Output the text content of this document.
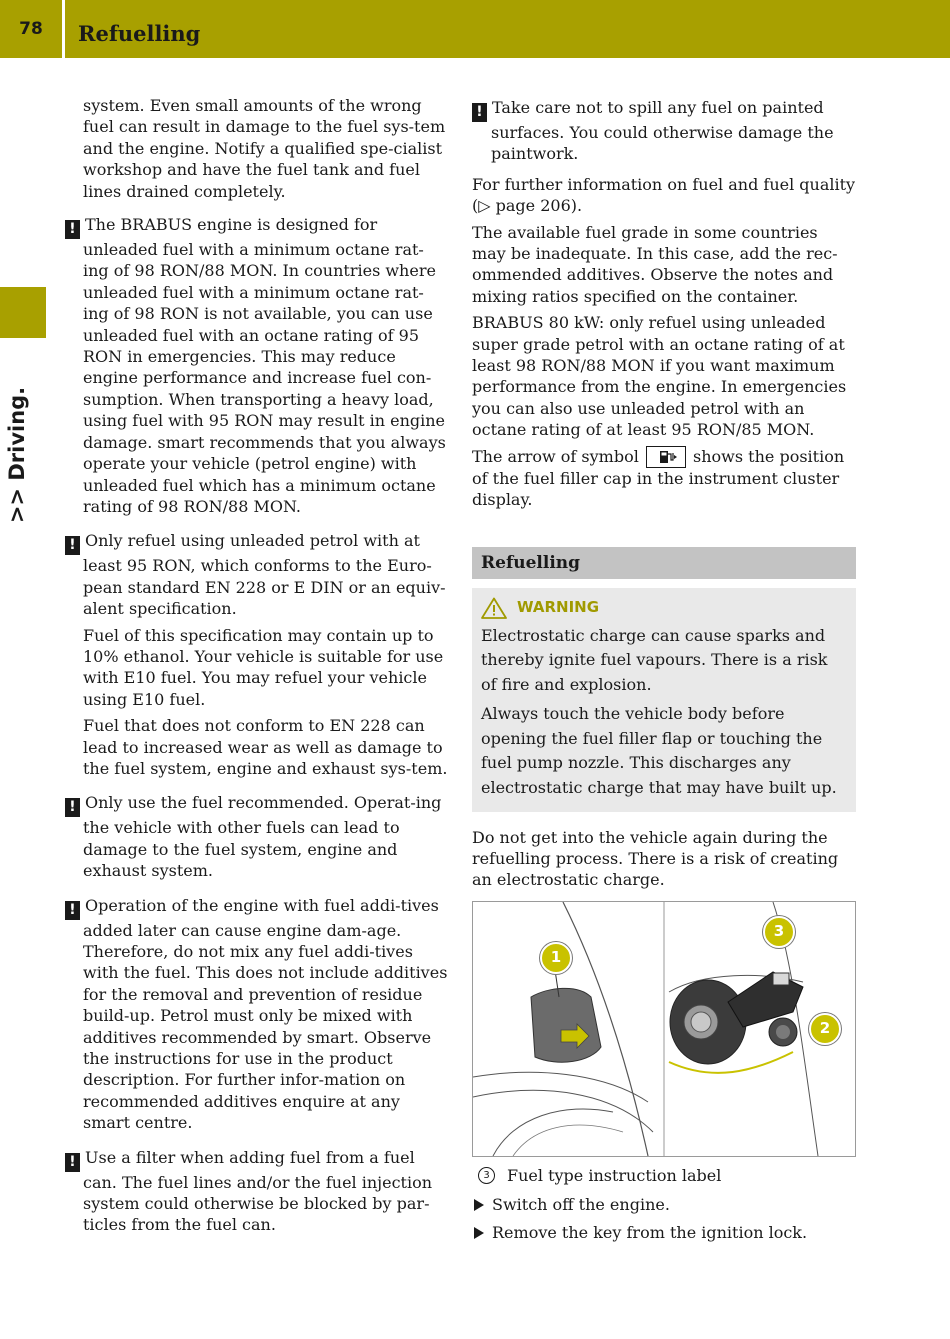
78	Refuelling
>> Driving.

system. Even small amounts of the wrong fuel can result in damage to the fuel sys-tem and the engine. Notify a qualified spe-cialist workshop and have the fuel tank and fuel lines drained completely.

! The BRABUS engine is designed for unleaded fuel with a minimum octane rat-ing of 98 RON/88 MON. In countries where unleaded fuel with a minimum octane rat-ing of 98 RON is not available, you can use unleaded fuel with an octane rating of 95 RON in emergencies. This may reduce engine performance and increase fuel con-sumption. When transporting a heavy load, using fuel with 95 RON may result in engine damage. smart recommends that you always operate your vehicle (petrol engine) with unleaded fuel which has a minimum octane rating of 98 RON/88 MON.

! Only refuel using unleaded petrol with at least 95 RON, which conforms to the Euro-pean standard EN 228 or E DIN or an equiv-alent specification.

Fuel of this specification may contain up to 10% ethanol. Your vehicle is suitable for use with E10 fuel. You may refuel your vehicle using E10 fuel.

Fuel that does not conform to EN 228 can lead to increased wear as well as damage to the fuel system, engine and exhaust sys-tem.

! Only use the fuel recommended. Operat-ing the vehicle with other fuels can lead to damage to the fuel system, engine and exhaust system.

! Operation of the engine with fuel addi-tives added later can cause engine dam-age. Therefore, do not mix any fuel addi-tives with the fuel. This does not include additives for the removal and prevention of residue build-up. Petrol must only be mixed with additives recommended by smart. Observe the instructions for use in the product description. For further infor-mation on recommended additives enquire at any smart centre.

! Use a filter when adding fuel from a fuel can. The fuel lines and/or the fuel injection system could otherwise be blocked by par-ticles from the fuel can.

! Take care not to spill any fuel on painted surfaces. You could otherwise damage the paintwork.

For further information on fuel and fuel quality (▷ page 206).

The available fuel grade in some countries may be inadequate. In this case, add the rec-ommended additives. Observe the notes and mixing ratios specified on the container.

BRABUS 80 kW: only refuel using unleaded super grade petrol with an octane rating of at least 98 RON/88 MON if you want maximum performance from the engine. In emergencies you can also use unleaded petrol with an octane rating of at least 95 RON/85 MON.

The arrow of symbol	shows the position of the fuel filler cap in the instrument cluster display.

Refuelling
WARNING

Electrostatic charge can cause sparks and thereby ignite fuel vapours. There is a risk of fire and explosion.

Always touch the vehicle body before opening the fuel filler flap or touching the fuel pump nozzle. This discharges any electrostatic charge that may have built up.

Do not get into the vehicle again during the refuelling process. There is a risk of creating an electrostatic charge.

1
3
2
3	Fuel type instruction label
Switch off the engine.
Remove the key from the ignition lock.
